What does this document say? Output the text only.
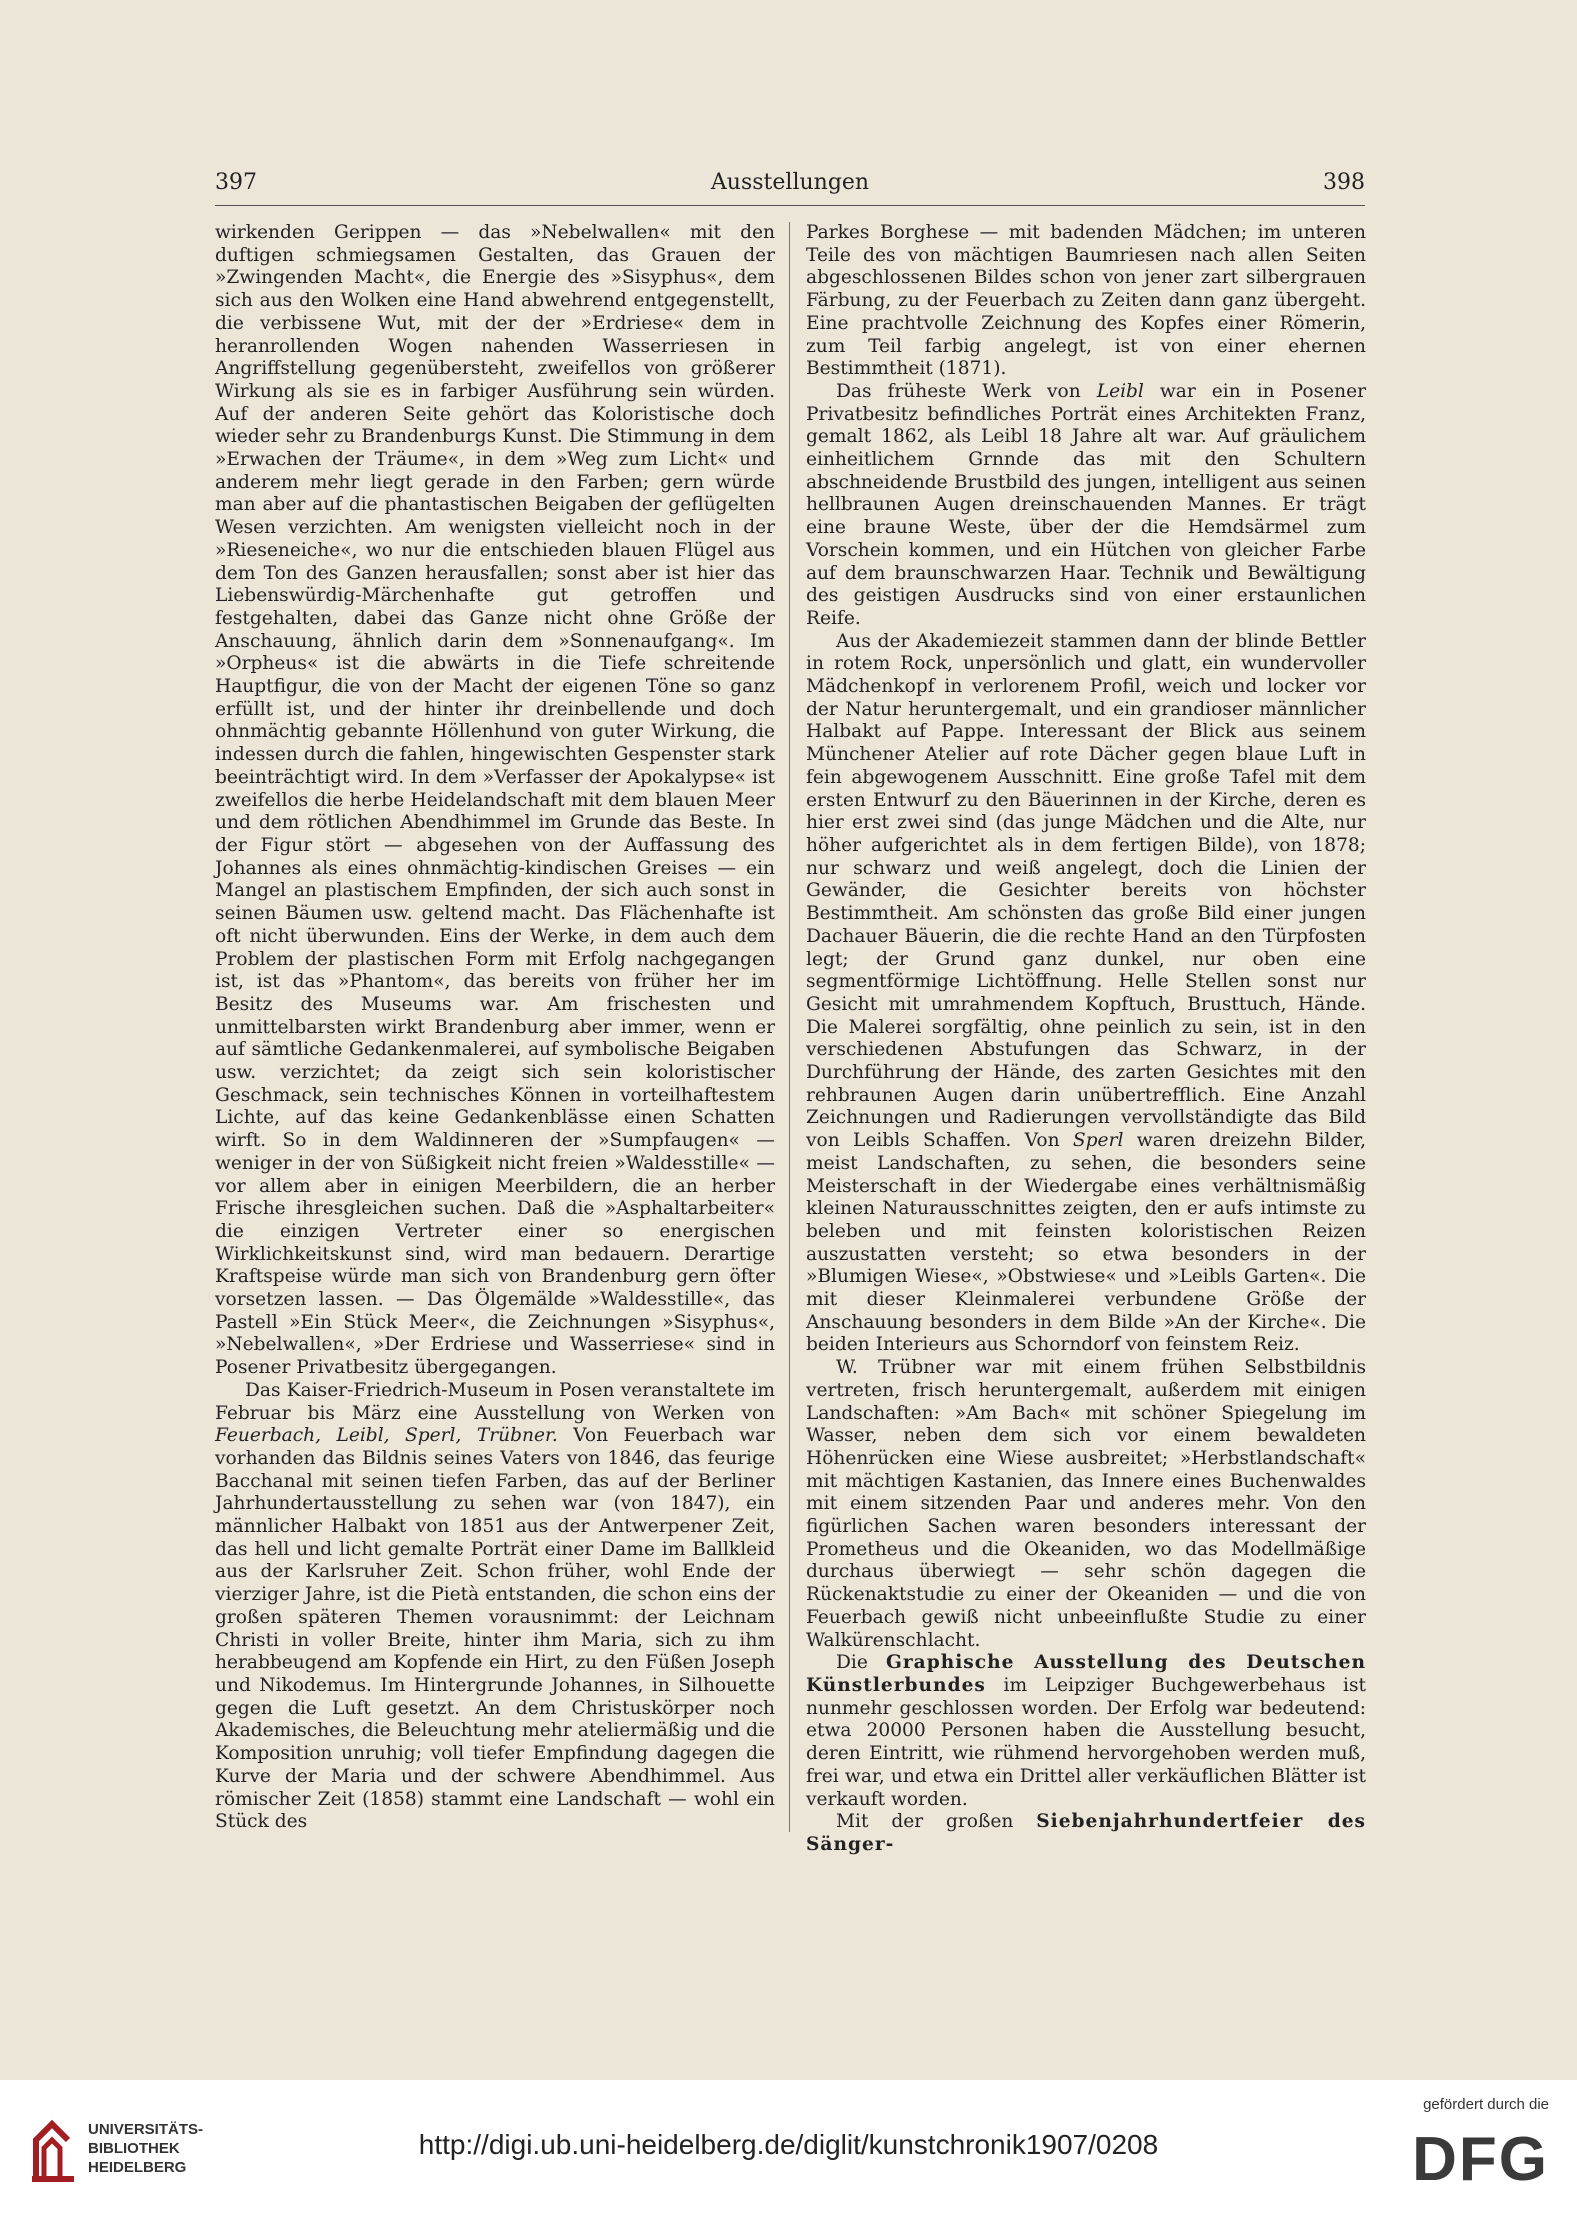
397	Ausstellungen	398

wirkenden Gerippen — das »Nebelwallen« mit den duftigen schmiegsamen Gestalten, das Grauen der »Zwingenden Macht«, die Energie des »Sisyphus«, dem sich aus den Wolken eine Hand abwehrend entgegenstellt, die verbissene Wut, mit der der »Erdriese« dem in heranrollenden Wogen nahenden Wasserriesen in Angriffstellung gegenübersteht, zweifellos von größerer Wirkung als sie es in farbiger Ausführung sein würden. Auf der anderen Seite gehört das Koloristische doch wieder sehr zu Brandenburgs Kunst. Die Stimmung in dem »Erwachen der Träume«, in dem »Weg zum Licht« und anderem mehr liegt gerade in den Farben; gern würde man aber auf die phantastischen Beigaben der geflügelten Wesen verzichten. Am wenigsten vielleicht noch in der »Rieseneiche«, wo nur die entschieden blauen Flügel aus dem Ton des Ganzen herausfallen; sonst aber ist hier das Liebenswürdig-Märchenhafte gut getroffen und festgehalten, dabei das Ganze nicht ohne Größe der Anschauung, ähnlich darin dem »Sonnenaufgang«. Im »Orpheus« ist die abwärts in die Tiefe schreitende Hauptfigur, die von der Macht der eigenen Töne so ganz erfüllt ist, und der hinter ihr dreinbellende und doch ohnmächtig gebannte Höllenhund von guter Wirkung, die indessen durch die fahlen, hingewischten Gespenster stark beeinträchtigt wird. In dem »Verfasser der Apokalypse« ist zweifellos die herbe Heidelandschaft mit dem blauen Meer und dem rötlichen Abendhimmel im Grunde das Beste. In der Figur stört — abgesehen von der Auffassung des Johannes als eines ohnmächtig-kindischen Greises — ein Mangel an plastischem Empfinden, der sich auch sonst in seinen Bäumen usw. geltend macht. Das Flächenhafte ist oft nicht überwunden. Eins der Werke, in dem auch dem Problem der plastischen Form mit Erfolg nachgegangen ist, ist das »Phantom«, das bereits von früher her im Besitz des Museums war. Am frischesten und unmittelbarsten wirkt Brandenburg aber immer, wenn er auf sämtliche Gedankenmalerei, auf symbolische Beigaben usw. verzichtet; da zeigt sich sein koloristischer Geschmack, sein technisches Können in vorteilhaftestem Lichte, auf das keine Gedankenblässe einen Schatten wirft. So in dem Waldinneren der »Sumpfaugen« — weniger in der von Süßigkeit nicht freien »Waldesstille« — vor allem aber in einigen Meerbildern, die an herber Frische ihresgleichen suchen. Daß die »Asphaltarbeiter« die einzigen Vertreter einer so energischen Wirklichkeitskunst sind, wird man bedauern. Derartige Kraftspeise würde man sich von Brandenburg gern öfter vorsetzen lassen. — Das Ölgemälde »Waldesstille«, das Pastell »Ein Stück Meer«, die Zeichnungen »Sisyphus«, »Nebelwallen«, »Der Erdriese und Wasserriese« sind in Posener Privatbesitz übergegangen.

Das Kaiser-Friedrich-Museum in Posen veranstaltete im Februar bis März eine Ausstellung von Werken von Feuerbach, Leibl, Sperl, Trübner. Von Feuerbach war vorhanden das Bildnis seines Vaters von 1846, das feurige Bacchanal mit seinen tiefen Farben, das auf der Berliner Jahrhundertausstellung zu sehen war (von 1847), ein männlicher Halbakt von 1851 aus der Antwerpener Zeit, das hell und licht gemalte Porträt einer Dame im Ballkleid aus der Karlsruher Zeit. Schon früher, wohl Ende der vierziger Jahre, ist die Pietà entstanden, die schon eins der großen späteren Themen vorausnimmt: der Leichnam Christi in voller Breite, hinter ihm Maria, sich zu ihm herabbeugend am Kopfende ein Hirt, zu den Füßen Joseph und Nikodemus. Im Hintergrunde Johannes, in Silhouette gegen die Luft gesetzt. An dem Christuskörper noch Akademisches, die Beleuchtung mehr ateliermäßig und die Komposition unruhig; voll tiefer Empfindung dagegen die Kurve der Maria und der schwere Abendhimmel. Aus römischer Zeit (1858) stammt eine Landschaft — wohl ein Stück des

Parkes Borghese — mit badenden Mädchen; im unteren Teile des von mächtigen Baumriesen nach allen Seiten abgeschlossenen Bildes schon von jener zart silbergrauen Färbung, zu der Feuerbach zu Zeiten dann ganz übergeht. Eine prachtvolle Zeichnung des Kopfes einer Römerin, zum Teil farbig angelegt, ist von einer ehernen Bestimmtheit (1871).

Das früheste Werk von Leibl war ein in Posener Privatbesitz befindliches Porträt eines Architekten Franz, gemalt 1862, als Leibl 18 Jahre alt war. Auf gräulichem einheitlichem Grnnde das mit den Schultern abschneidende Brustbild des jungen, intelligent aus seinen hellbraunen Augen dreinschauenden Mannes. Er trägt eine braune Weste, über der die Hemdsärmel zum Vorschein kommen, und ein Hütchen von gleicher Farbe auf dem braunschwarzen Haar. Technik und Bewältigung des geistigen Ausdrucks sind von einer erstaunlichen Reife.

Aus der Akademiezeit stammen dann der blinde Bettler in rotem Rock, unpersönlich und glatt, ein wundervoller Mädchenkopf in verlorenem Profil, weich und locker vor der Natur heruntergemalt, und ein grandioser männlicher Halbakt auf Pappe. Interessant der Blick aus seinem Münchener Atelier auf rote Dächer gegen blaue Luft in fein abgewogenem Ausschnitt. Eine große Tafel mit dem ersten Entwurf zu den Bäuerinnen in der Kirche, deren es hier erst zwei sind (das junge Mädchen und die Alte, nur höher aufgerichtet als in dem fertigen Bilde), von 1878; nur schwarz und weiß angelegt, doch die Linien der Gewänder, die Gesichter bereits von höchster Bestimmtheit. Am schönsten das große Bild einer jungen Dachauer Bäuerin, die die rechte Hand an den Türpfosten legt; der Grund ganz dunkel, nur oben eine segmentförmige Lichtöffnung. Helle Stellen sonst nur Gesicht mit umrahmendem Kopftuch, Brusttuch, Hände. Die Malerei sorgfältig, ohne peinlich zu sein, ist in den verschiedenen Abstufungen das Schwarz, in der Durchführung der Hände, des zarten Gesichtes mit den rehbraunen Augen darin unübertrefflich. Eine Anzahl Zeichnungen und Radierungen vervollständigte das Bild von Leibls Schaffen. Von Sperl waren dreizehn Bilder, meist Landschaften, zu sehen, die besonders seine Meisterschaft in der Wiedergabe eines verhältnismäßig kleinen Naturausschnittes zeigten, den er aufs intimste zu beleben und mit feinsten koloristischen Reizen auszustatten versteht; so etwa besonders in der »Blumigen Wiese«, »Obstwiese« und »Leibls Garten«. Die mit dieser Kleinmalerei verbundene Größe der Anschauung besonders in dem Bilde »An der Kirche«. Die beiden Interieurs aus Schorndorf von feinstem Reiz.

W. Trübner war mit einem frühen Selbstbildnis vertreten, frisch heruntergemalt, außerdem mit einigen Landschaften: »Am Bach« mit schöner Spiegelung im Wasser, neben dem sich vor einem bewaldeten Höhenrücken eine Wiese ausbreitet; »Herbstlandschaft« mit mächtigen Kastanien, das Innere eines Buchenwaldes mit einem sitzenden Paar und anderes mehr. Von den figürlichen Sachen waren besonders interessant der Prometheus und die Okeaniden, wo das Modellmäßige durchaus überwiegt — sehr schön dagegen die Rückenaktstudie zu einer der Okeaniden — und die von Feuerbach gewiß nicht unbeeinflußte Studie zu einer Walkürenschlacht.

Die Graphische Ausstellung des Deutschen Künstlerbundes im Leipziger Buchgewerbehaus ist nunmehr geschlossen worden. Der Erfolg war bedeutend: etwa 20000 Personen haben die Ausstellung besucht, deren Eintritt, wie rühmend hervorgehoben werden muß, frei war, und etwa ein Drittel aller verkäuflichen Blätter ist verkauft worden.

Mit der großen Siebenjahrhundertfeier des Sänger-

UNIVERSITÄTS-
BIBLIOTHEK
HEIDELBERG
http://digi.ub.uni-heidelberg.de/diglit/kunstchronik1907/0208
gefördert durch die
DFG
